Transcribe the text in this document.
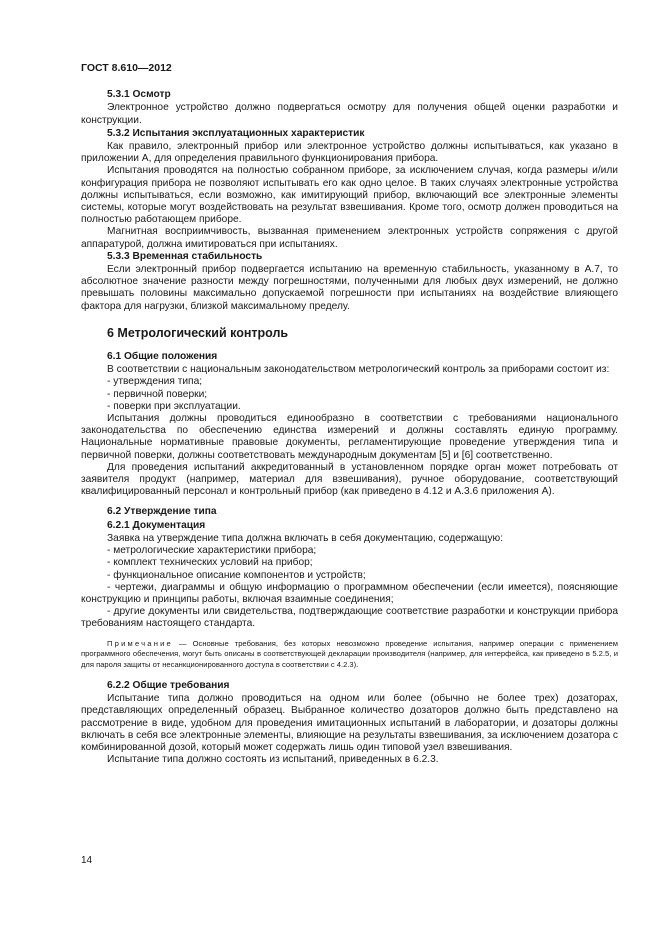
ГОСТ 8.610—2012
5.3.1 Осмотр

Электронное устройство должно подвергаться осмотру для получения общей оценки разработки и конструкции.

5.3.2 Испытания эксплуатационных характеристик

Как правило, электронный прибор или электронное устройство должны испытываться, как указано в приложении А, для определения правильного функционирования прибора.

Испытания проводятся на полностью собранном приборе, за исключением случая, когда размеры и/или конфигурация прибора не позволяют испытывать его как одно целое. В таких случаях электронные устройства должны испытываться, если возможно, как имитирующий прибор, включающий все электронные элементы системы, которые могут воздействовать на результат взвешивания. Кроме того, осмотр должен проводиться на полностью работающем приборе.

Магнитная восприимчивость, вызванная применением электронных устройств сопряжения с другой аппаратурой, должна имитироваться при испытаниях.

5.3.3 Временная стабильность

Если электронный прибор подвергается испытанию на временную стабильность, указанному в А.7, то абсолютное значение разности между погрешностями, полученными для любых двух измерений, не должно превышать половины максимально допускаемой погрешности при испытаниях на воздействие влияющего фактора для нагрузки, близкой максимальному пределу.

6 Метрологический контроль
6.1 Общие положения

В соответствии с национальным законодательством метрологический контроль за приборами состоит из:

- утверждения типа;

- первичной поверки;

- поверки при эксплуатации.

Испытания должны проводиться единообразно в соответствии с требованиями национального законодательства по обеспечению единства измерений и должны составлять единую программу. Национальные нормативные правовые документы, регламентирующие проведение утверждения типа и первичной поверки, должны соответствовать международным документам [5] и [6] соответственно.

Для проведения испытаний аккредитованный в установленном порядке орган может потребовать от заявителя продукт (например, материал для взвешивания), ручное оборудование, соответствующий квалифицированный персонал и контрольный прибор (как приведено в 4.12 и А.3.6 приложения А).

6.2 Утверждение типа
6.2.1 Документация

Заявка на утверждение типа должна включать в себя документацию, содержащую:

- метрологические характеристики прибора;

- комплект технических условий на прибор;

- функциональное описание компонентов и устройств;

- чертежи, диаграммы и общую информацию о программном обеспечении (если имеется), поясняющие конструкцию и принципы работы, включая взаимные соединения;

- другие документы или свидетельства, подтверждающие соответствие разработки и конструкции прибора требованиям настоящего стандарта.

Примечание — Основные требования, без которых невозможно проведение испытания, например операции с применением программного обеспечения, могут быть описаны в соответствующей декларации производителя (например, для интерфейса, как приведено в 5.2.5, и для пароля защиты от несанкционированного доступа в соответствии с 4.2.3).

6.2.2 Общие требования

Испытание типа должно проводиться на одном или более (обычно не более трех) дозаторах, представляющих определенный образец. Выбранное количество дозаторов должно быть представлено на рассмотрение в виде, удобном для проведения имитационных испытаний в лаборатории, и дозаторы должны включать в себя все электронные элементы, влияющие на результаты взвешивания, за исключением дозатора с комбинированной дозой, который может содержать лишь один типовой узел взвешивания.

Испытание типа должно состоять из испытаний, приведенных в 6.2.3.

14
